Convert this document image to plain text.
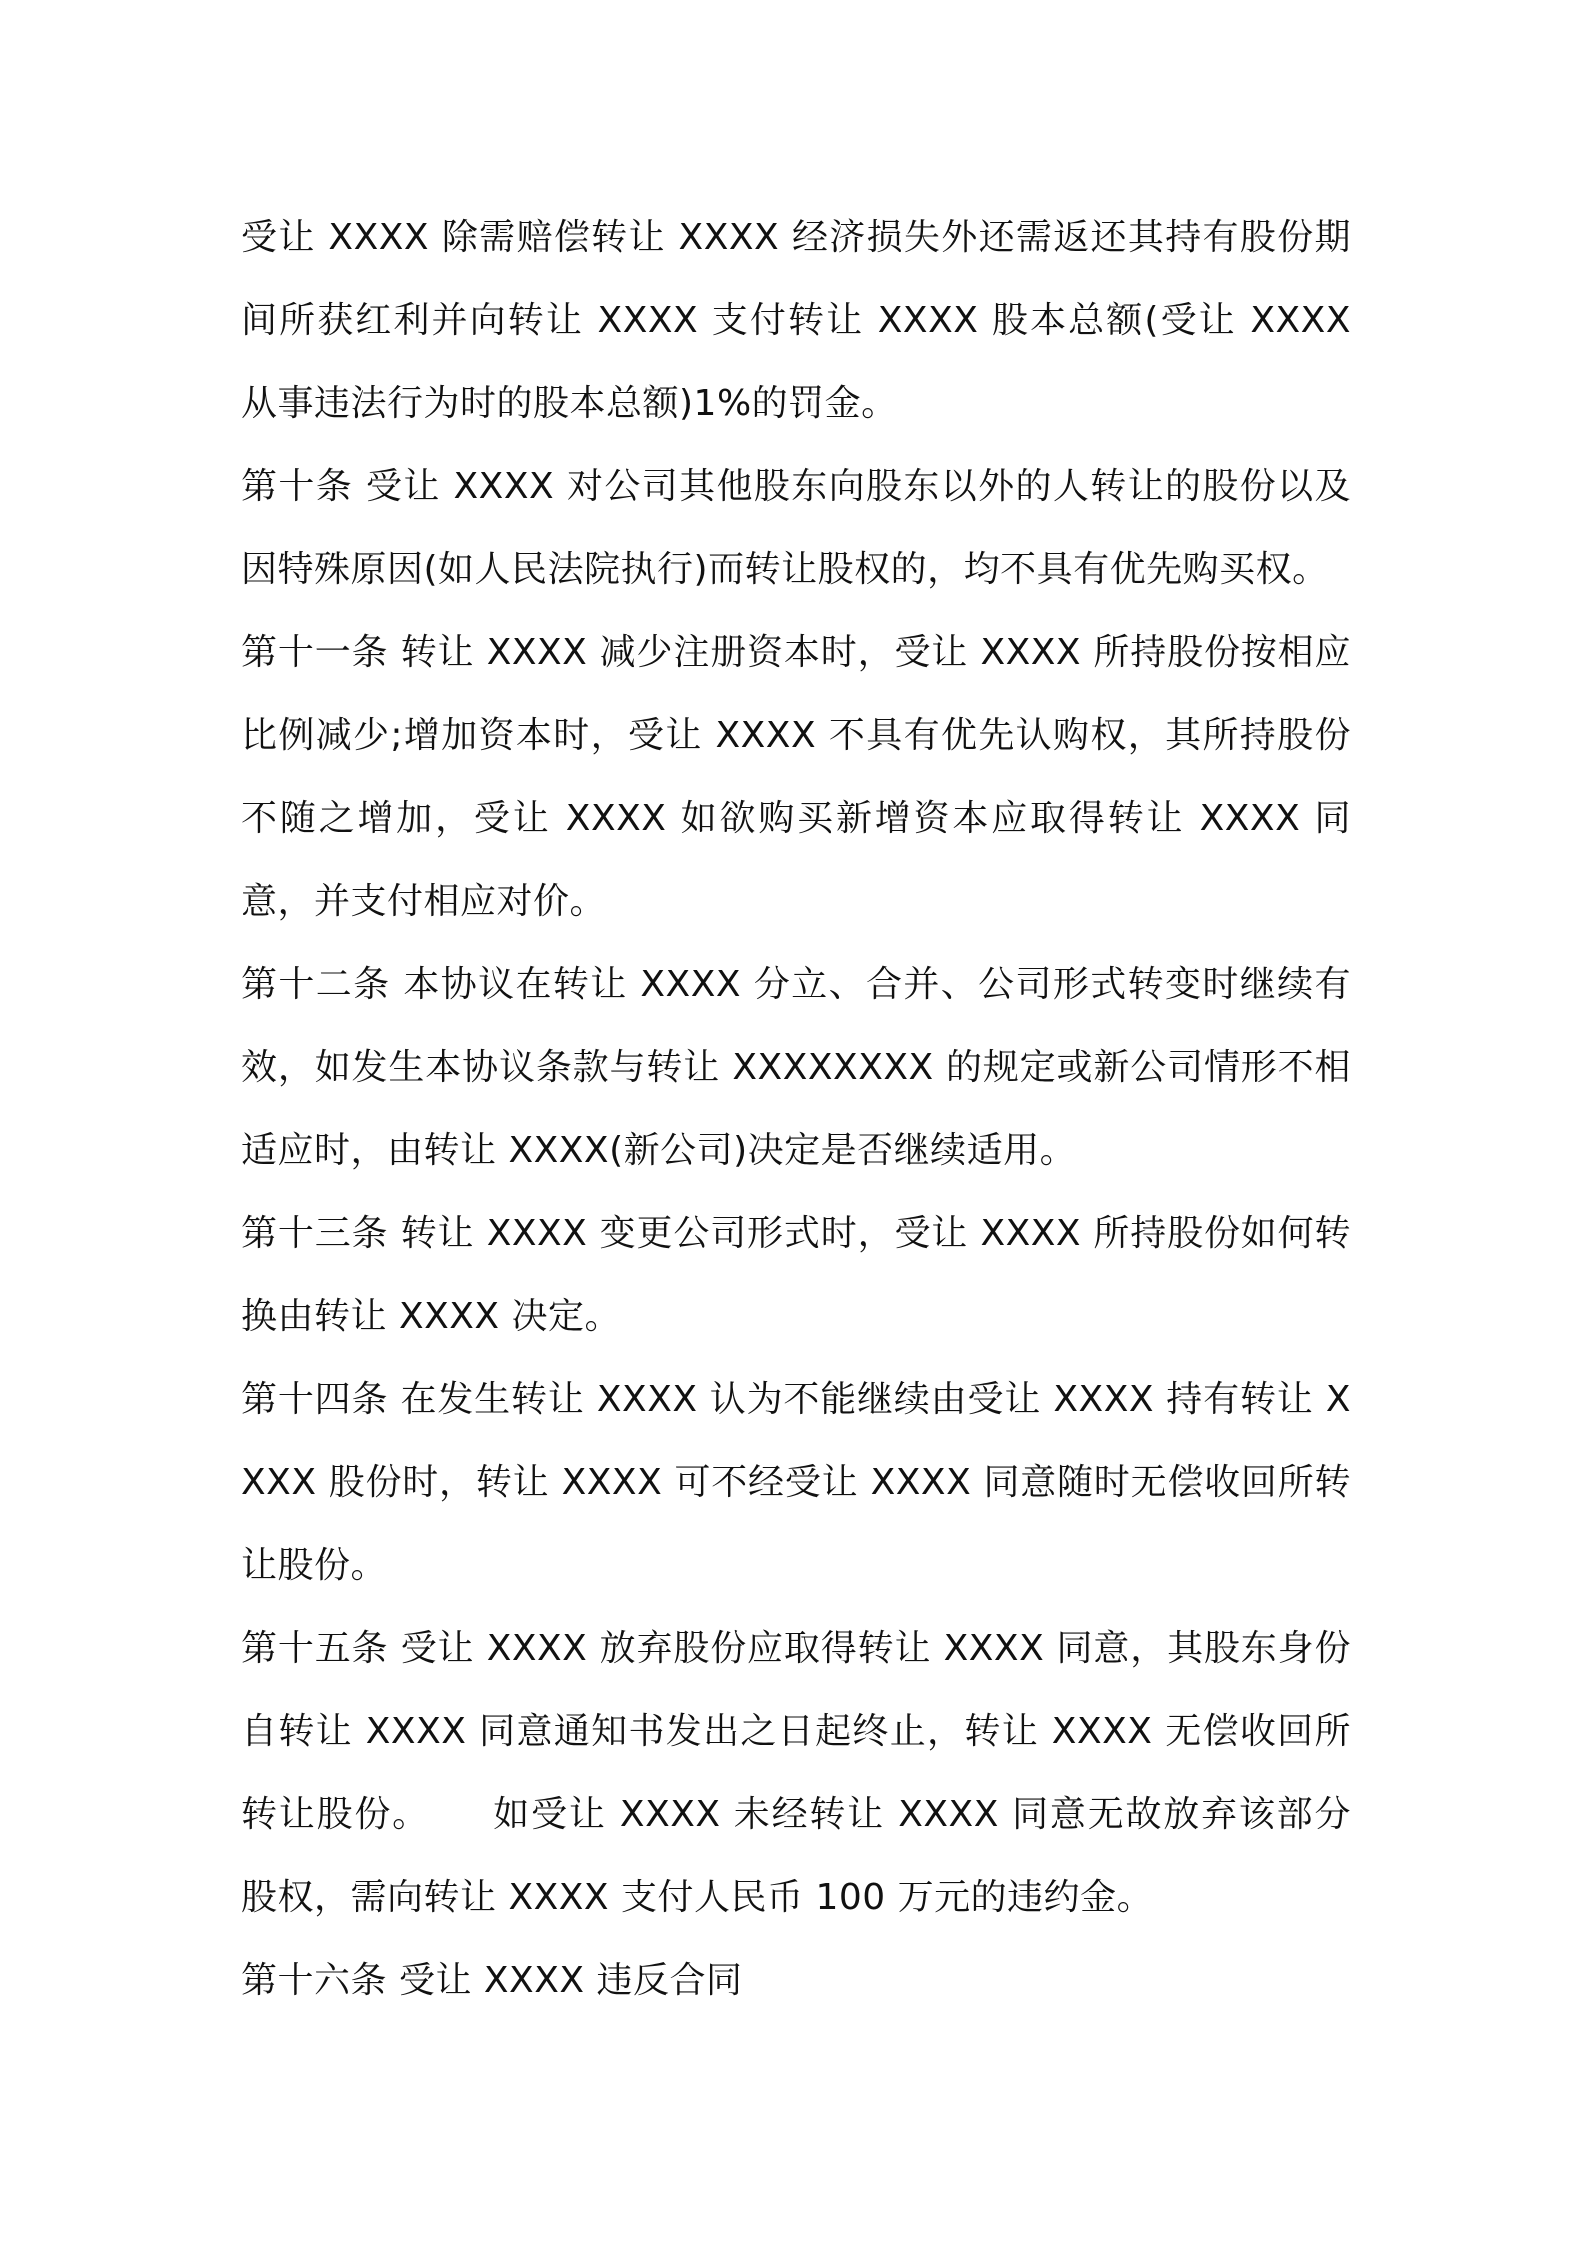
受让 XXXX 除需赔偿转让 XXXX 经济损失外还需返还其持有股份期间所获红利并向转让 XXXX 支付转让 XXXX 股本总额(受让 XXXX 从事违法行为时的股本总额)1%的罚金。

第十条 受让 XXXX 对公司其他股东向股东以外的人转让的股份以及因特殊原因(如人民法院执行)而转让股权的，均不具有优先购买权。

第十一条 转让 XXXX 减少注册资本时，受让 XXXX 所持股份按相应比例减少;增加资本时，受让 XXXX 不具有优先认购权，其所持股份不随之增加，受让 XXXX 如欲购买新增资本应取得转让 XXXX 同意，并支付相应对价。

第十二条 本协议在转让 XXXX 分立、合并、公司形式转变时继续有效，如发生本协议条款与转让 XXXXXXXX 的规定或新公司情形不相适应时，由转让 XXXX(新公司)决定是否继续适用。

第十三条 转让 XXXX 变更公司形式时，受让 XXXX 所持股份如何转换由转让 XXXX 决定。

第十四条 在发生转让 XXXX 认为不能继续由受让 XXXX 持有转让 XXXX 股份时，转让 XXXX 可不经受让 XXXX 同意随时无偿收回所转让股份。

第十五条 受让 XXXX 放弃股份应取得转让 XXXX 同意，其股东身份自转让 XXXX 同意通知书发出之日起终止，转让 XXXX 无偿收回所转让股份。 如受让 XXXX 未经转让 XXXX 同意无故放弃该部分股权，需向转让 XXXX 支付人民币 100 万元的违约金。

第十六条 受让 XXXX 违反合同
